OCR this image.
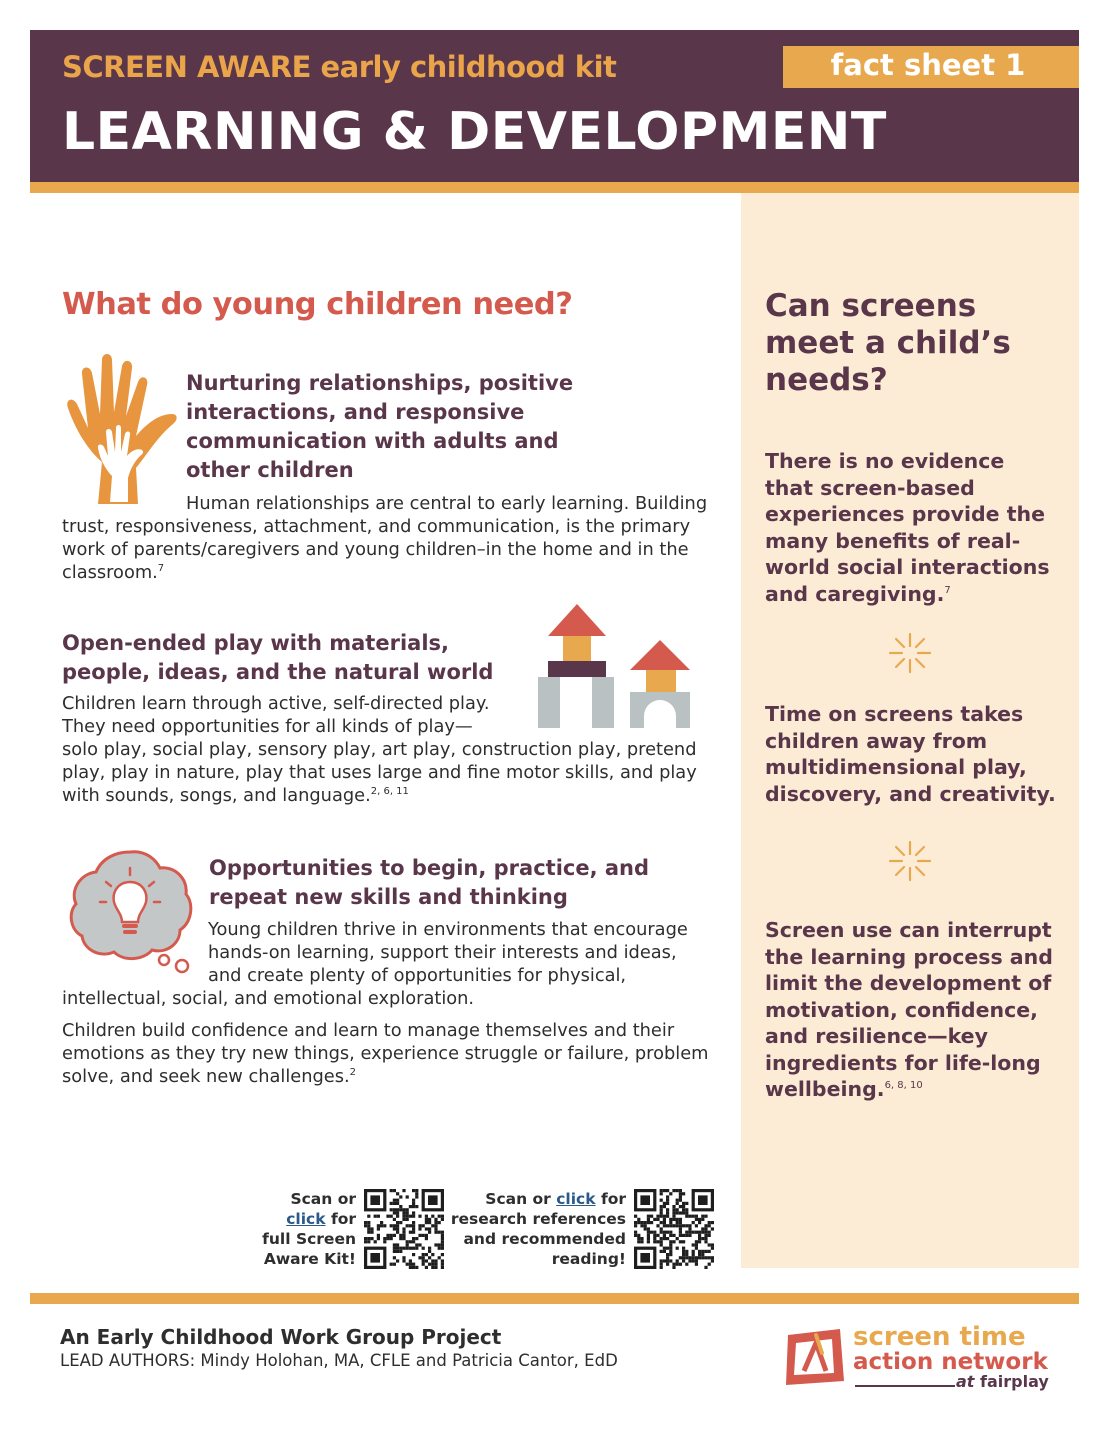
SCREEN AWARE early childhood kit	fact sheet 1
LEARNING & DEVELOPMENT
Can screens meet a child’s needs?
There is no evidence that screen-based experiences provide the many benefits of real-world social interactions and caregiving.$^7$
Time on screens takes children away from multidimensional play, discovery, and creativity.
Screen use can interrupt the learning process and limit the development of motivation, confidence, and resilience—key ingredients for life-long wellbeing.$^{6, 8, 10}$
What do young children need?
Nurturing relationships, positive interactions, and responsive communication with adults and other children

Human relationships are central to early learning. Building trust, responsiveness, attachment, and communication, is the primary work of parents/caregivers and young children–in the home and in the classroom.$^7$

Open-ended play with materials, people, ideas, and the natural world

Children learn through active, self-directed play. They need opportunities for all kinds of play—solo play, social play, sensory play, art play, construction play, pretend play, play in nature, play that uses large and fine motor skills, and play with sounds, songs, and language.$^{2, 6, 11}$

Opportunities to begin, practice, and repeat new skills and thinking

Young children thrive in environments that encourage hands-on learning, support their interests and ideas, and create plenty of opportunities for physical, intellectual, social, and emotional exploration.

Children build confidence and learn to manage themselves and their emotions as they try new things, experience struggle or failure, problem solve, and seek new challenges.$^2$

Scan or
click for
full Screen
Aware Kit!
Scan or click for
research references
and recommended
reading!
An Early Childhood Work Group Project
LEAD AUTHORS: Mindy Holohan, MA, CFLE and Patricia Cantor, EdD
screen time
action network
at fairplay
